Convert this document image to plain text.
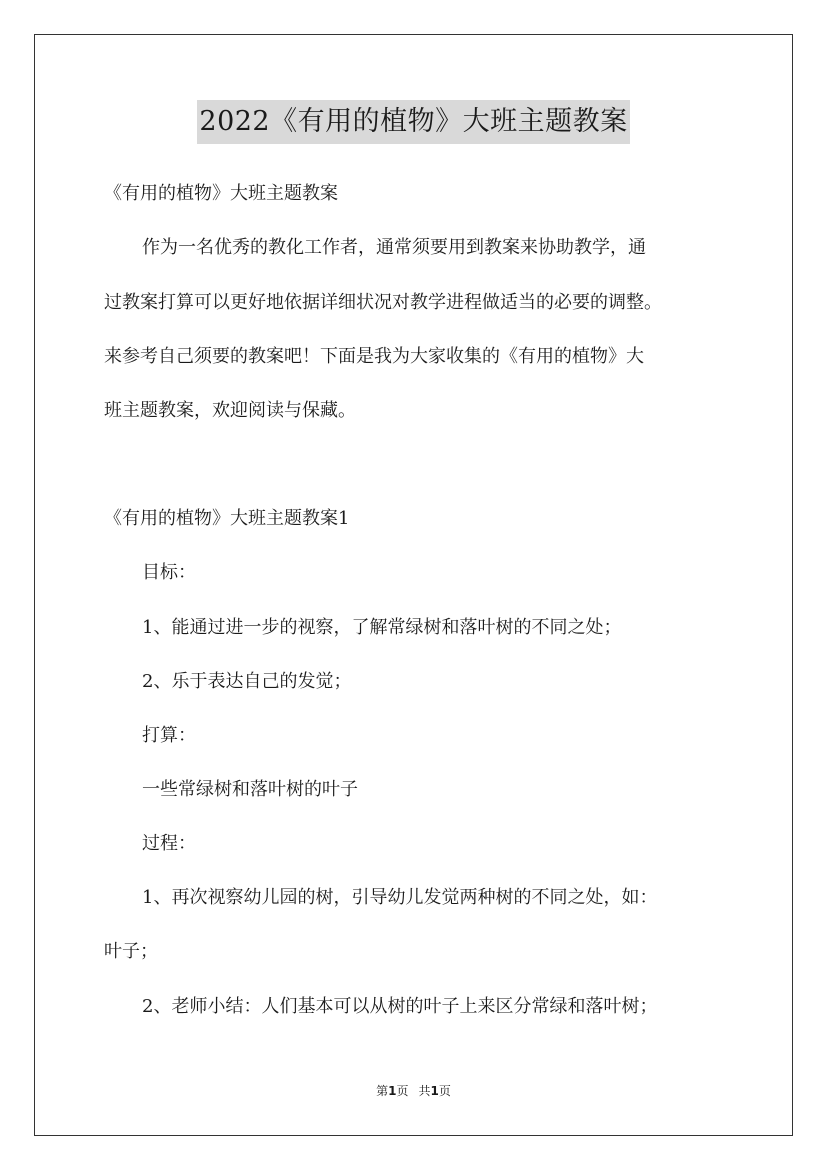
2022《有用的植物》大班主题教案
《有用的植物》大班主题教案
作为一名优秀的教化工作者，通常须要用到教案来协助教学，通
过教案打算可以更好地依据详细状况对教学进程做适当的必要的调整。
来参考自己须要的教案吧！下面是我为大家收集的《有用的植物》大
班主题教案，欢迎阅读与保藏。
《有用的植物》大班主题教案1
目标：
1、能通过进一步的视察，了解常绿树和落叶树的不同之处；
2、乐于表达自己的发觉；
打算：
一些常绿树和落叶树的叶子
过程：
1、再次视察幼儿园的树，引导幼儿发觉两种树的不同之处，如：
叶子；
2、老师小结：人们基本可以从树的叶子上来区分常绿和落叶树；
第1页 共1页
